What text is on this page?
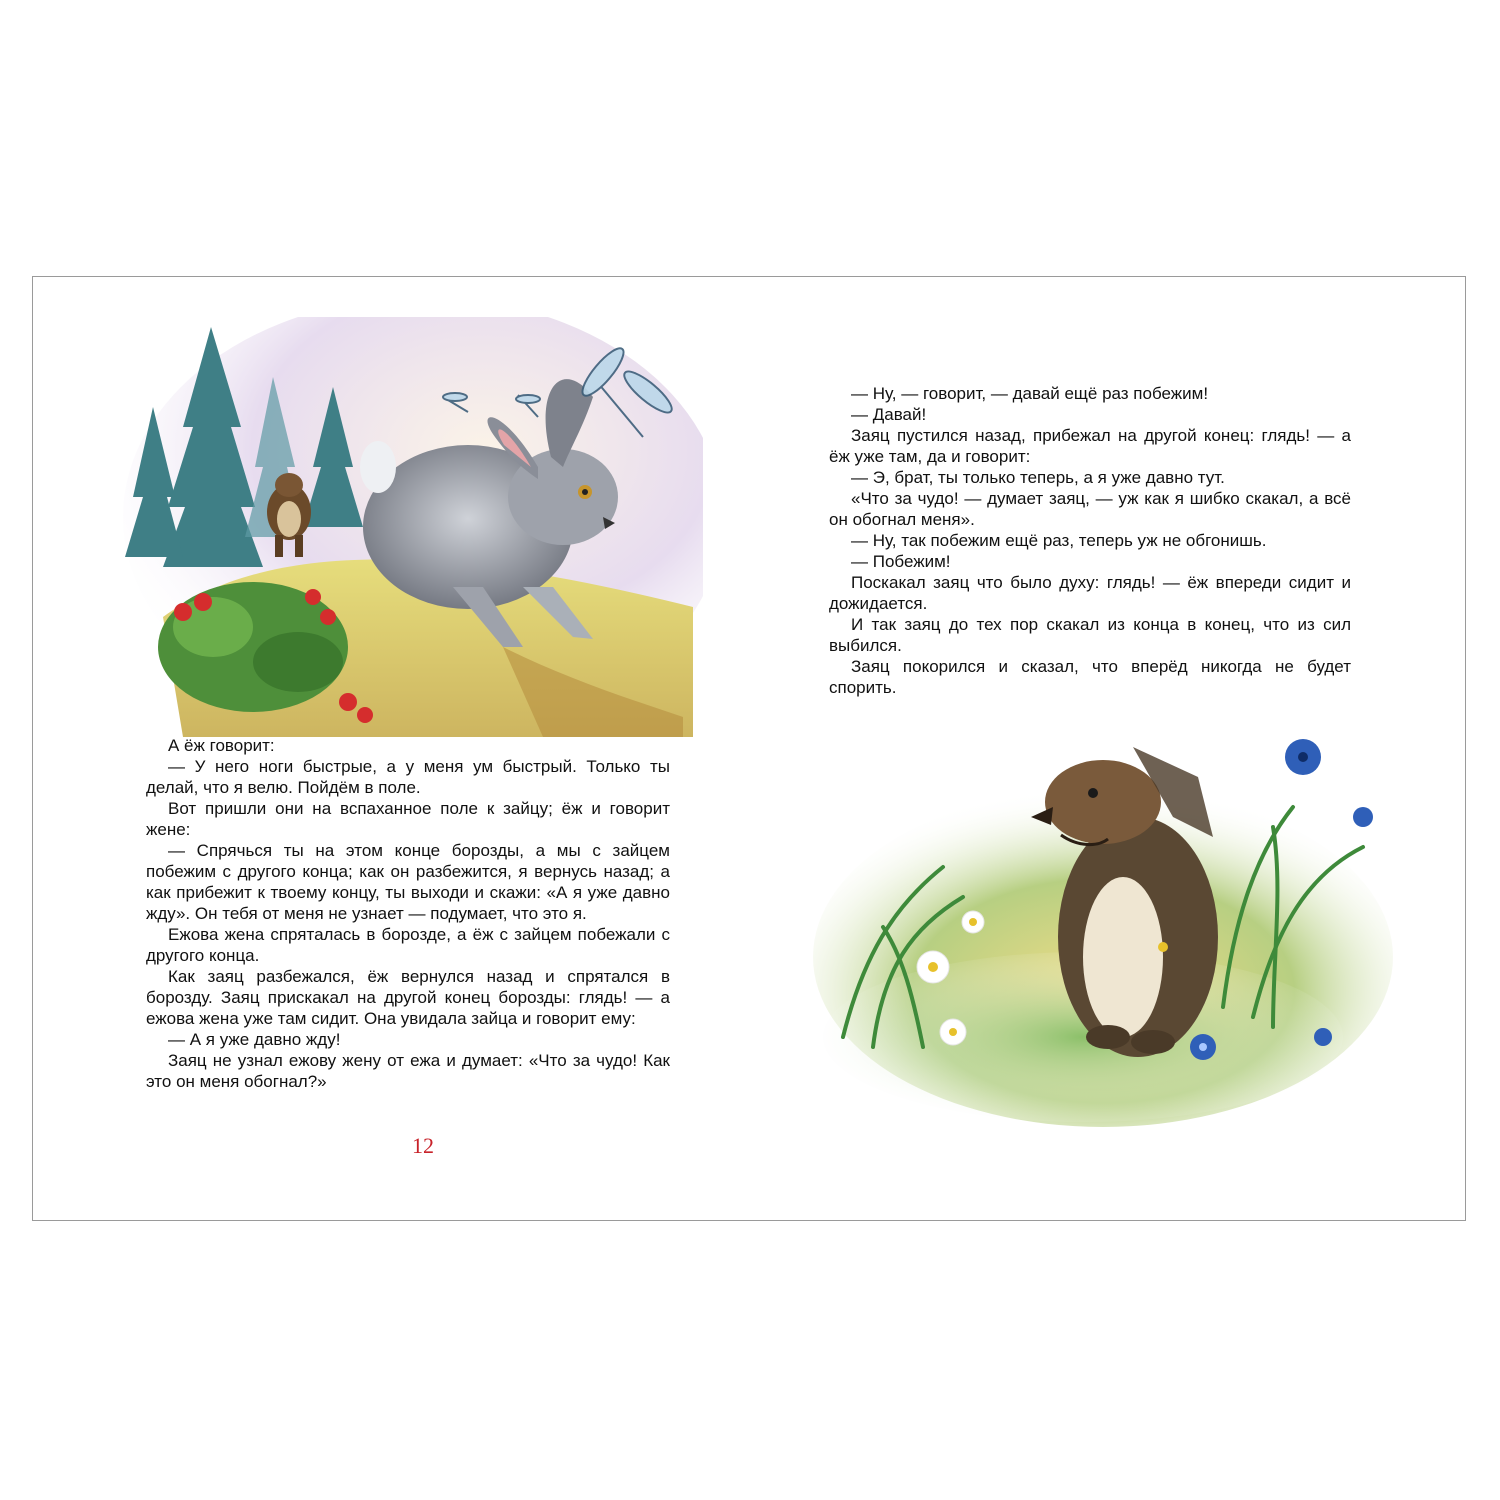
А ёж говорит:

— У него ноги быстрые, а у меня ум быстрый. Только ты делай, что я велю. Пойдём в поле.

Вот пришли они на вспаханное поле к зайцу; ёж и говорит жене:

— Спрячься ты на этом конце борозды, а мы с зайцем побежим с другого конца; как он разбежится, я вернусь назад; а как прибежит к твоему концу, ты выходи и скажи: «А я уже давно жду». Он тебя от меня не узнает — подумает, что это я.

Ежова жена спряталась в борозде, а ёж с зайцем побежали с другого конца.

Как заяц разбежался, ёж вернулся назад и спрятался в борозду. Заяц прискакал на другой конец борозды: глядь! — а ежова жена уже там сидит. Она увидала зайца и говорит ему:

— А я уже давно жду!

Заяц не узнал ежову жену от ежа и думает: «Что за чудо! Как это он меня обогнал?»

— Ну, — говорит, — давай ещё раз побежим!

— Давай!

Заяц пустился назад, прибежал на другой конец: глядь! — а ёж уже там, да и говорит:

— Э, брат, ты только теперь, а я уже давно тут.

«Что за чудо! — думает заяц, — уж как я шибко скакал, а всё он обогнал меня».

— Ну, так побежим ещё раз, теперь уж не обгонишь.

— Побежим!

Поскакал заяц что было духу: глядь! — ёж впереди сидит и дожидается.

И так заяц до тех пор скакал из конца в конец, что из сил выбился.

Заяц покорился и сказал, что вперёд никогда не будет спорить.

12
